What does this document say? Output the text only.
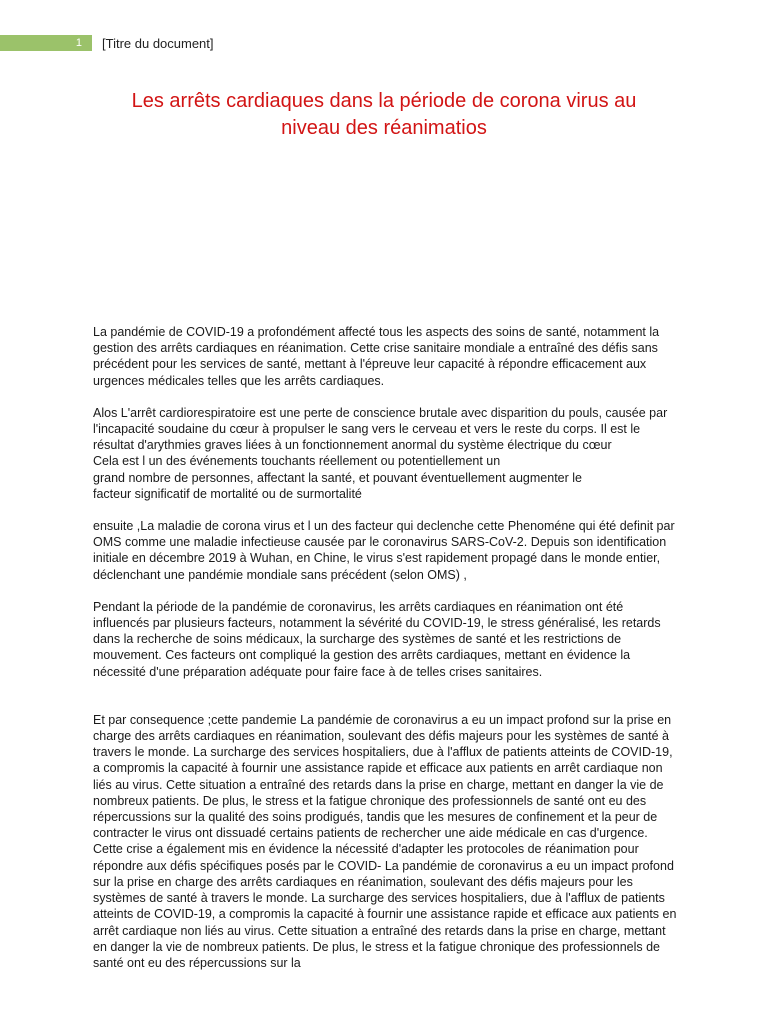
1	[Titre du document]
Les arrêts cardiaques dans la période de corona virus au
niveau des réanimatios

La pandémie de COVID-19 a profondément affecté tous les aspects des soins de santé, notamment la gestion des arrêts cardiaques en réanimation. Cette crise sanitaire mondiale a entraîné des défis sans précédent pour les services de santé, mettant à l'épreuve leur capacité à répondre efficacement aux urgences médicales telles que les arrêts cardiaques.

Alos L'arrêt cardiorespiratoire est une perte de conscience brutale avec disparition du pouls, causée par l'incapacité soudaine du cœur à propulser le sang vers le cerveau et vers le reste du corps. Il est le résultat d'arythmies graves liées à un fonctionnement anormal du système électrique du cœur
Cela est l un des événements touchants réellement ou potentiellement un
grand nombre de personnes, affectant la santé, et pouvant éventuellement augmenter le
facteur significatif de mortalité ou de surmortalité

ensuite ,La maladie de corona virus et l un des facteur qui declenche cette Phenoméne qui été definit par OMS comme une maladie infectieuse causée par le coronavirus SARS-CoV-2. Depuis son identification initiale en décembre 2019 à Wuhan, en Chine, le virus s'est rapidement propagé dans le monde entier, déclenchant une pandémie mondiale sans précédent (selon OMS) ,

Pendant la période de la pandémie de coronavirus, les arrêts cardiaques en réanimation ont été influencés par plusieurs facteurs, notamment la sévérité du COVID-19, le stress généralisé, les retards dans la recherche de soins médicaux, la surcharge des systèmes de santé et les restrictions de mouvement. Ces facteurs ont compliqué la gestion des arrêts cardiaques, mettant en évidence la nécessité d'une préparation adéquate pour faire face à de telles crises sanitaires.

Et par consequence ;cette pandemie La pandémie de coronavirus a eu un impact profond sur la prise en charge des arrêts cardiaques en réanimation, soulevant des défis majeurs pour les systèmes de santé à travers le monde. La surcharge des services hospitaliers, due à l'afflux de patients atteints de COVID-19, a compromis la capacité à fournir une assistance rapide et efficace aux patients en arrêt cardiaque non liés au virus. Cette situation a entraîné des retards dans la prise en charge, mettant en danger la vie de nombreux patients. De plus, le stress et la fatigue chronique des professionnels de santé ont eu des répercussions sur la qualité des soins prodigués, tandis que les mesures de confinement et la peur de contracter le virus ont dissuadé certains patients de rechercher une aide médicale en cas d'urgence. Cette crise a également mis en évidence la nécessité d'adapter les protocoles de réanimation pour répondre aux défis spécifiques posés par le COVID- La pandémie de coronavirus a eu un impact profond sur la prise en charge des arrêts cardiaques en réanimation, soulevant des défis majeurs pour les systèmes de santé à travers le monde. La surcharge des services hospitaliers, due à l'afflux de patients atteints de COVID-19, a compromis la capacité à fournir une assistance rapide et efficace aux patients en arrêt cardiaque non liés au virus. Cette situation a entraîné des retards dans la prise en charge, mettant en danger la vie de nombreux patients. De plus, le stress et la fatigue chronique des professionnels de santé ont eu des répercussions sur la
